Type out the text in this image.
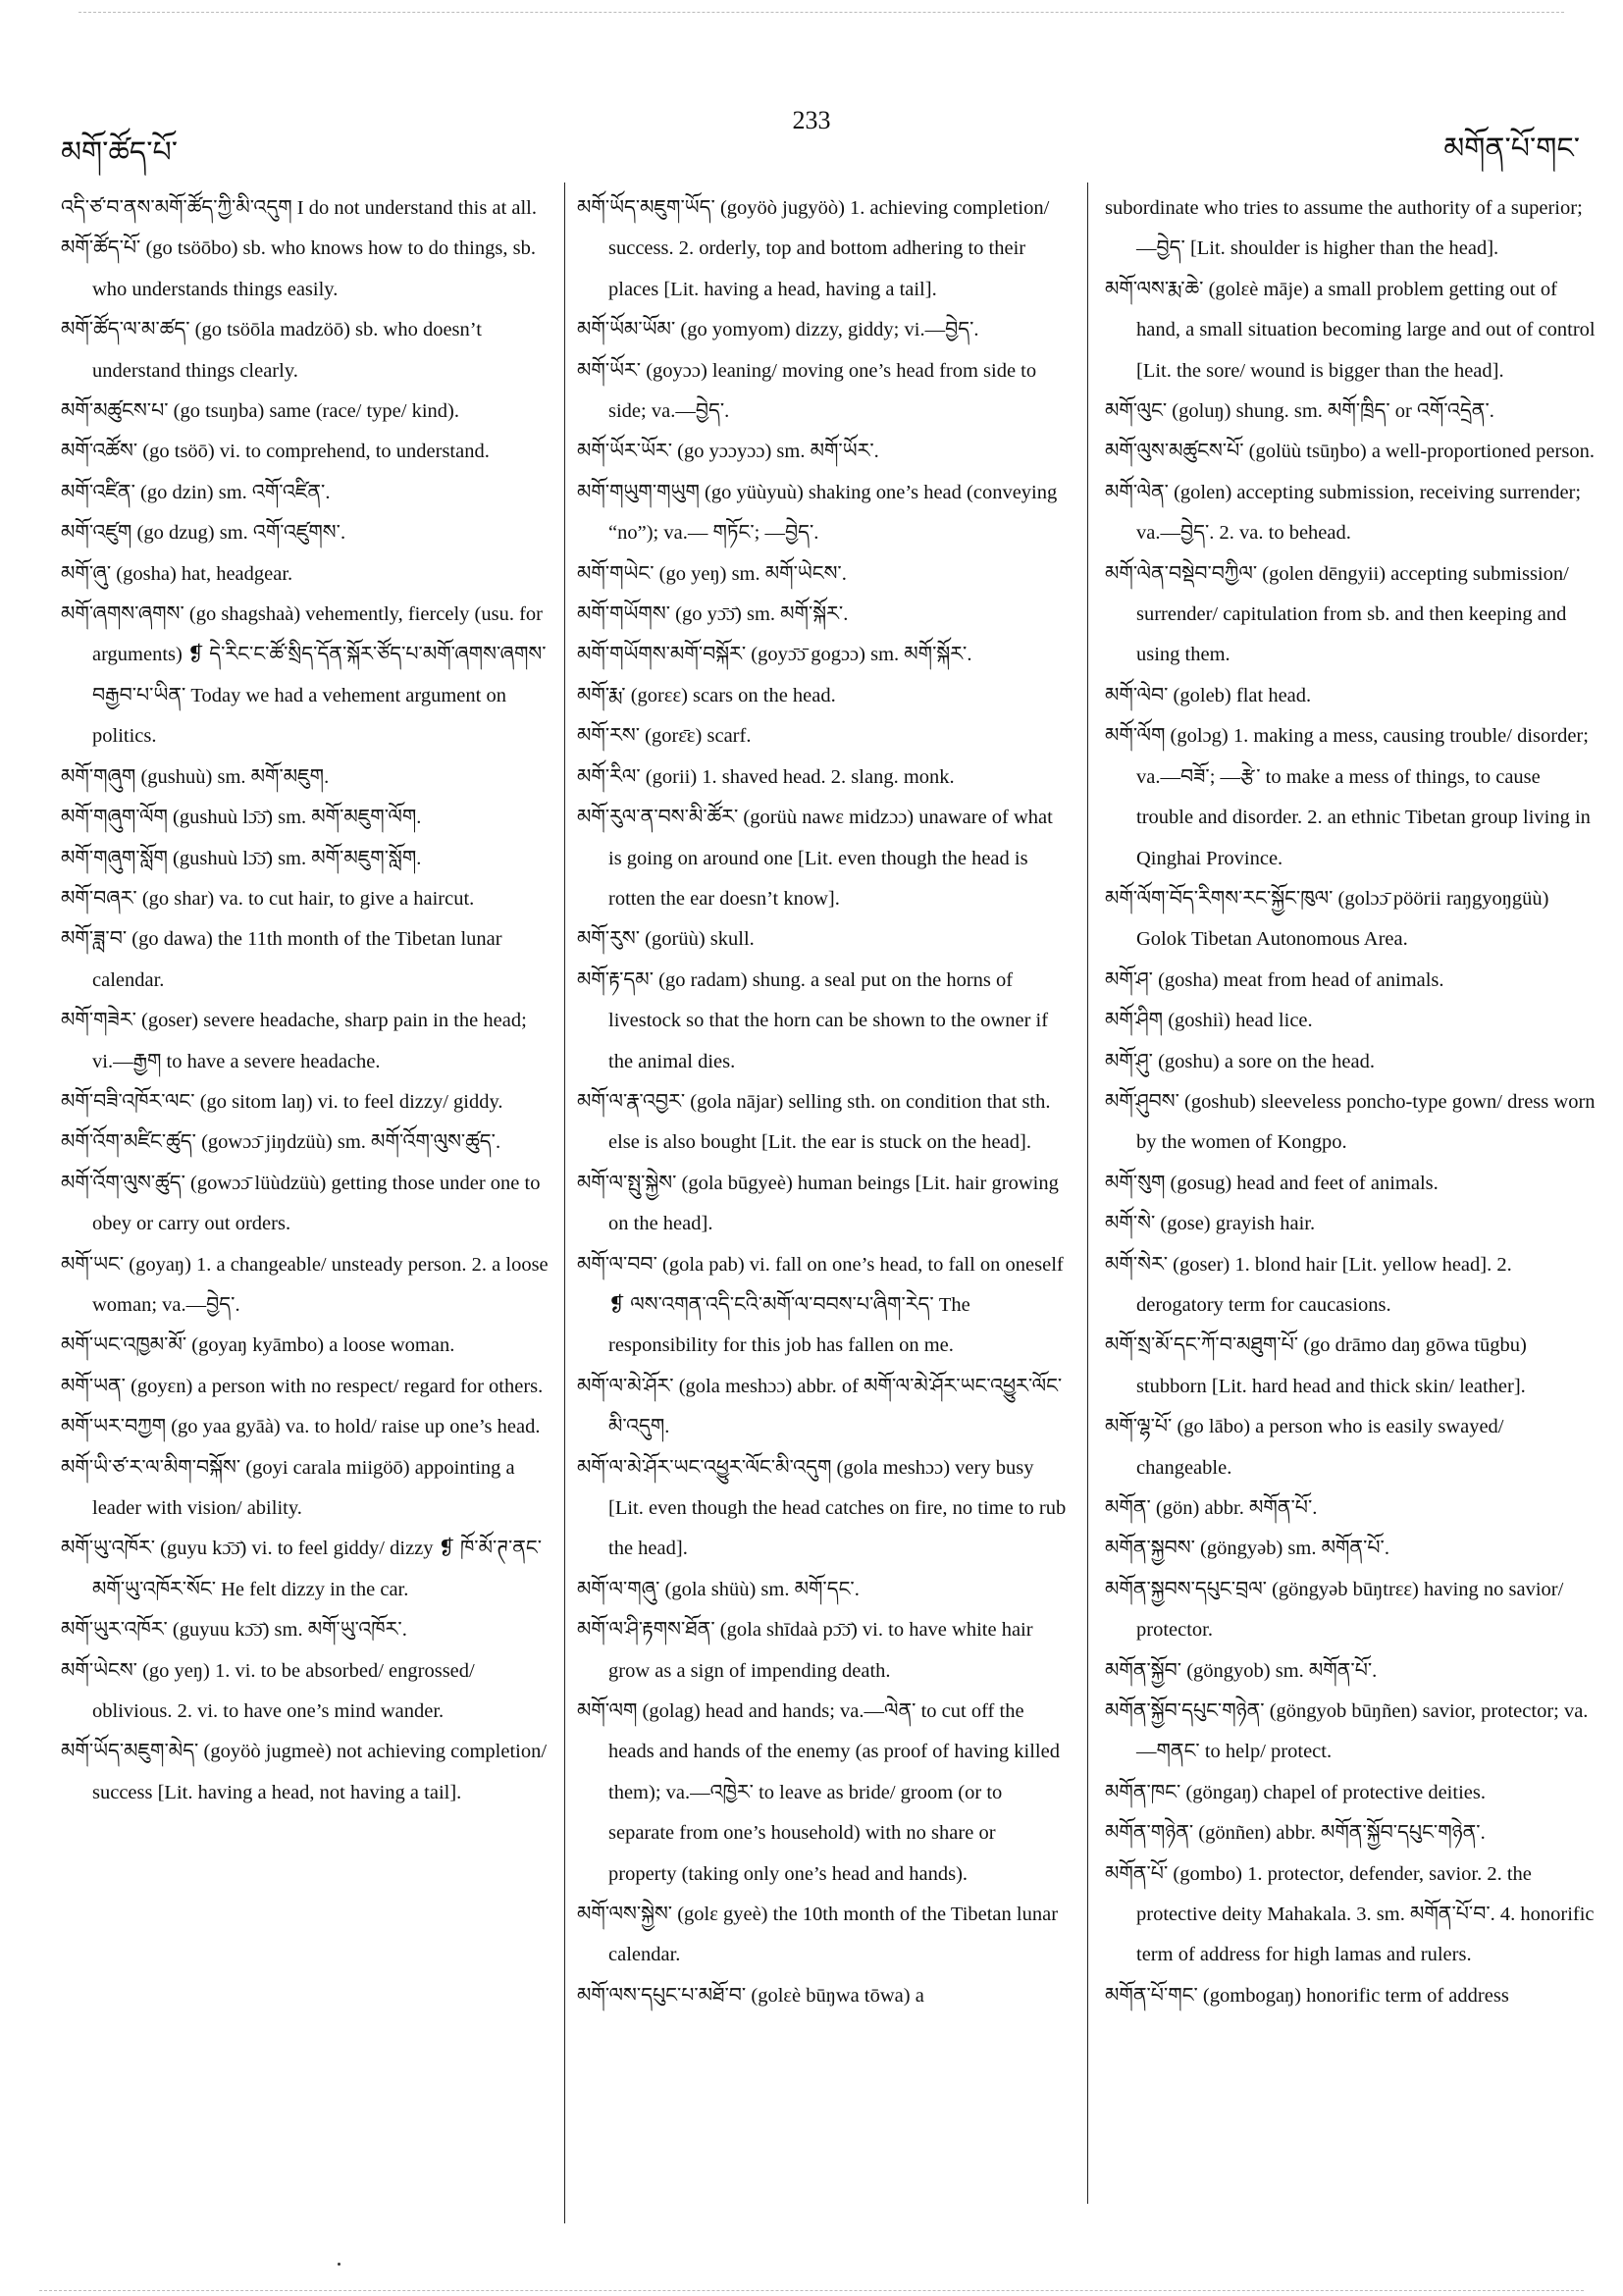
མགོ་ཚོད་པོ་
233
མགོན་པོ་གང་

འདི་ཙ་བ་ནས་མགོ་ཚོད་ཀྱི་མི་འདུག I do not understand this at all.

མགོ་ཚོད་པོ་ (go tsöōbo) sb. who knows how to do things, sb. who understands things easily.

མགོ་ཚོད་ལ་མ་ཚད་ (go tsöōla madzöō) sb. who doesn’t understand things clearly.

མགོ་མཚུངས་པ་ (go tsuŋba) same (race/ type/ kind).

མགོ་འཚོས་ (go tsöō) vi. to comprehend, to understand.

མགོ་འཛིན་ (go dzin) sm. འགོ་འཛིན་.

མགོ་འཛུག (go dzug) sm. འགོ་འཛུགས་.

མགོ་ཞུ་ (gosha) hat, headgear.

མགོ་ཞགས་ཞགས་ (go shagshaà) vehemently, fiercely (usu. for arguments) ❡ དེ་རིང་ང་ཚོ་སྲིད་དོན་སྐོར་ཙོད་པ་མགོ་ཞགས་ཞགས་བརྒྱབ་པ་ཡིན་ Today we had a vehement argument on politics.

མགོ་གཞུག (gushuù) sm. མགོ་མཇུག.

མགོ་གཞུག་ལོག (gushuù lɔ̄ɔ̄) sm. མགོ་མཇུག་ལོག.

མགོ་གཞུག་སློག (gushuù lɔ̄ɔ̄) sm. མགོ་མཇུག་སློག.

མགོ་བཞར་ (go shar) va. to cut hair, to give a haircut.

མགོ་ཟླ་བ་ (go dawa) the 11th month of the Tibetan lunar calendar.

མགོ་གཟེར་ (goser) severe headache, sharp pain in the head; vi.—རྒྱག to have a severe headache.

མགོ་བཟི་འཁོར་ལང་ (go sitom laŋ) vi. to feel dizzy/ giddy.

མགོ་འོག་མཛིང་ཚུད་ (gowɔɔ̄ jiŋdzüù) sm. མགོ་འོག་ལུས་ཚུད་.

མགོ་འོག་ལུས་ཚུད་ (gowɔɔ̄ lüùdzüù) getting those under one to obey or carry out orders.

མགོ་ཡང་ (goyaŋ) 1. a changeable/ unsteady person. 2. a loose woman; va.—བྱེད་.

མགོ་ཡང་འཁྱམ་མོ་ (goyaŋ kyāmbo) a loose woman.

མགོ་ཡན་ (goyɛn) a person with no respect/ regard for others.

མགོ་ཡར་བཀྱག (go yaa gyāà) va. to hold/ raise up one’s head.

མགོ་ཡི་ཙ་ར་ལ་མིག་བསྐོས་ (goyi carala miigöō) appointing a leader with vision/ ability.

མགོ་ཡུ་འཁོར་ (guyu kɔ̄ɔ̄) vi. to feel giddy/ dizzy ❡ ཁོ་མོ་ཊ་ནང་མགོ་ཡུ་འཁོར་སོང་ He felt dizzy in the car.

མགོ་ཡུར་འཁོར་ (guyuu kɔ̄ɔ̄) sm. མགོ་ཡུ་འཁོར་.

མགོ་ཡེངས་ (go yeŋ) 1. vi. to be absorbed/ engrossed/ oblivious. 2. vi. to have one’s mind wander.

མགོ་ཡོད་མཇུག་མེད་ (goyöò jugmeè) not achieving completion/ success [Lit. having a head, not having a tail].

མགོ་ཡོད་མཇུག་ཡོད་ (goyöò jugyöò) 1. achieving completion/ success. 2. orderly, top and bottom adhering to their places [Lit. having a head, having a tail].

མགོ་ཡོམ་ཡོམ་ (go yomyom) dizzy, giddy; vi.—བྱེད་.

མགོ་ཡོར་ (goyɔɔ) leaning/ moving one’s head from side to side; va.—བྱེད་.

མགོ་ཡོར་ཡོར་ (go yɔɔyɔɔ) sm. མགོ་ཡོར་.

མགོ་གཡུག་གཡུག (go yüùyuù) shaking one’s head (conveying “no”); va.— གཏོང་; —བྱེད་.

མགོ་གཡེང་ (go yeŋ) sm. མགོ་ཡེངས་.

མགོ་གཡོགས་ (go yɔ̄ɔ̄) sm. མགོ་སྐོར་.

མགོ་གཡོགས་མགོ་བསྐོར་ (goyɔ̄ɔ̄ gogɔɔ) sm. མགོ་སྐོར་.

མགོ་རྨ་ (gorɛɛ) scars on the head.

མགོ་རས་ (gorɛ̄ɛ) scarf.

མགོ་རིལ་ (gorii) 1. shaved head. 2. slang. monk.

མགོ་རུལ་ན་བས་མི་ཚོར་ (gorüù nawɛ midzɔɔ) unaware of what is going on around one [Lit. even though the head is rotten the ear doesn’t know].

མགོ་རུས་ (gorüù) skull.

མགོ་རྟ་དམ་ (go radam) shung. a seal put on the horns of livestock so that the horn can be shown to the owner if the animal dies.

མགོ་ལ་རྣ་འབྱར་ (gola nājar) selling sth. on condition that sth. else is also bought [Lit. the ear is stuck on the head].

མགོ་ལ་སྤུ་སྐྱེས་ (gola būgyeè) human beings [Lit. hair growing on the head].

མགོ་ལ་བབ་ (gola pab) vi. fall on one’s head, to fall on oneself ❡ ལས་འགན་འདི་ངའི་མགོ་ལ་བབས་པ་ཞིག་རེད་ The responsibility for this job has fallen on me.

མགོ་ལ་མེ་ཤོར་ (gola meshɔɔ) abbr. of མགོ་ལ་མེ་ཤོར་ཡང་འཕྱུར་ལོང་མི་འདུག.

མགོ་ལ་མེ་ཤོར་ཡང་འཕྱུར་ལོང་མི་འདུག (gola meshɔɔ) very busy [Lit. even though the head catches on fire, no time to rub the head].

མགོ་ལ་གཞུ་ (gola shüù) sm. མགོ་དང་.

མགོ་ལ་ཤི་རྟགས་ཐོན་ (gola shīdaà pɔ̄ɔ̄) vi. to have white hair grow as a sign of impending death.

མགོ་ལག (golag) head and hands; va.—ལེན་ to cut off the heads and hands of the enemy (as proof of having killed them); va.—འཁྱེར་ to leave as bride/ groom (or to separate from one’s household) with no share or property (taking only one’s head and hands).

མགོ་ལས་སྐྱེས་ (golɛ gyeè) the 10th month of the Tibetan lunar calendar.

མགོ་ལས་དཔུང་པ་མཐོ་བ་ (golɛè būŋwa tōwa) a

subordinate who tries to assume the authority of a superior; —བྱེད་ [Lit. shoulder is higher than the head].

མགོ་ལས་རྨ་ཆེ་ (golɛè māje) a small problem getting out of hand, a small situation becoming large and out of control [Lit. the sore/ wound is bigger than the head].

མགོ་ལུང་ (goluŋ) shung. sm. མགོ་ཁྲིད་ or འགོ་འདྲེན་.

མགོ་ལུས་མཚུངས་པོ་ (golüù tsūŋbo) a well-proportioned person.

མགོ་ལེན་ (golen) accepting submission, receiving surrender; va.—བྱེད་. 2. va. to behead.

མགོ་ལེན་བསྡེབ་བཀྱིལ་ (golen dēngyii) accepting submission/ surrender/ capitulation from sb. and then keeping and using them.

མགོ་ལེབ་ (goleb) flat head.

མགོ་ལོག (golɔg) 1. making a mess, causing trouble/ disorder; va.—བཟོ་; —རྩེ་ to make a mess of things, to cause trouble and disorder. 2. an ethnic Tibetan group living in Qinghai Province.

མགོ་ལོག་བོད་རིགས་རང་སྐྱོང་ཁུལ་ (golɔɔ̄ pöörii raŋgyoŋgüù) Golok Tibetan Autonomous Area.

མགོ་ཤ་ (gosha) meat from head of animals.

མགོ་ཤིག (goshiì) head lice.

མགོ་ཤུ་ (goshu) a sore on the head.

མགོ་ཤུབས་ (goshub) sleeveless poncho-type gown/ dress worn by the women of Kongpo.

མགོ་སུག (gosug) head and feet of animals.

མགོ་སེ་ (gose) grayish hair.

མགོ་སེར་ (goser) 1. blond hair [Lit. yellow head]. 2. derogatory term for caucasions.

མགོ་སྲ་མོ་དང་ཀོ་བ་མཐུག་པོ་ (go drāmo daŋ gōwa tūgbu) stubborn [Lit. hard head and thick skin/ leather].

མགོ་ལྷ་པོ་ (go lābo) a person who is easily swayed/ changeable.

མགོན་ (gön) abbr. མགོན་པོ་.

མགོན་སྐྱབས་ (göngyəb) sm. མགོན་པོ་.

མགོན་སྐྱབས་དཔུང་བྲལ་ (göngyəb būŋtrɛɛ) having no savior/ protector.

མགོན་སྐྱོབ་ (göngyob) sm. མགོན་པོ་.

མགོན་སྐྱོབ་དཔུང་གཉེན་ (göngyob būŋñen) savior, protector; va.—གནང་ to help/ protect.

མགོན་ཁང་ (göngaŋ) chapel of protective deities.

མགོན་གཉེན་ (gönñen) abbr. མགོན་སྐྱོབ་དཔུང་གཉེན་.

མགོན་པོ་ (gombo) 1. protector, defender, savior. 2. the protective deity Mahakala. 3. sm. མགོན་པོ་བ་. 4. honorific term of address for high lamas and rulers.

མགོན་པོ་གང་ (gombogaŋ) honorific term of address
